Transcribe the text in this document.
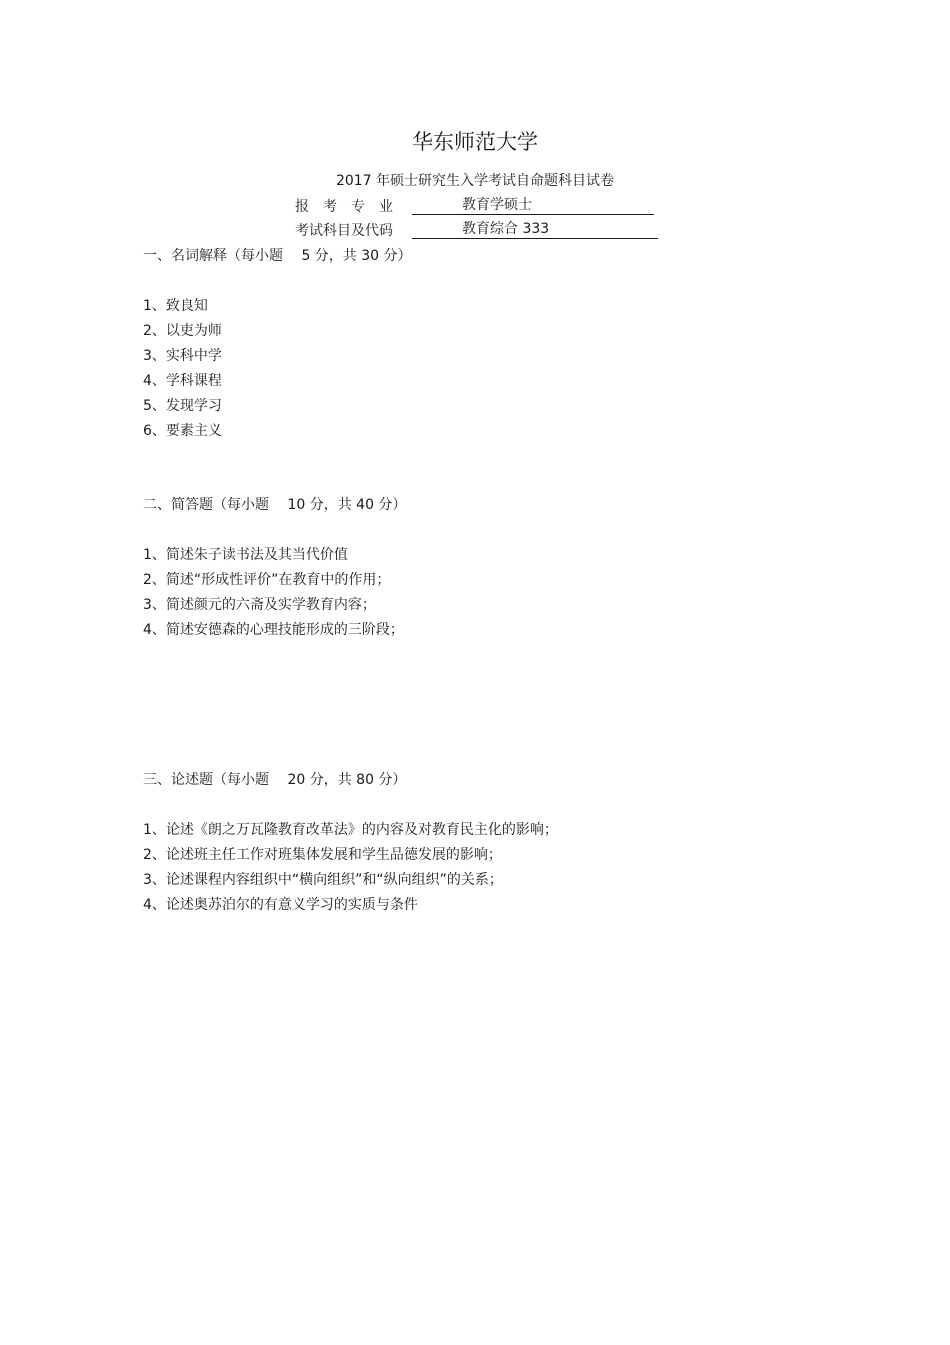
华东师范大学
2017 年硕士研究生入学考试自命题科目试卷
报　考　专　业	教育学硕士
考试科目及代码	教育综合 333
一、名词解释（每小题　 5 分，共 30 分）
1、致良知
2、以吏为师
3、实科中学
4、学科课程
5、发现学习
6、要素主义
二、简答题（每小题　 10 分，共 40 分）
1、简述朱子读书法及其当代价值
2、简述“形成性评价”在教育中的作用；
3、简述颜元的六斋及实学教育内容；
4、简述安德森的心理技能形成的三阶段；
三、论述题（每小题　 20 分，共 80 分）
1、论述《朗之万瓦隆教育改革法》的内容及对教育民主化的影响；
2、论述班主任工作对班集体发展和学生品德发展的影响；
3、论述课程内容组织中“横向组织”和“纵向组织”的关系；
4、论述奥苏泊尔的有意义学习的实质与条件
